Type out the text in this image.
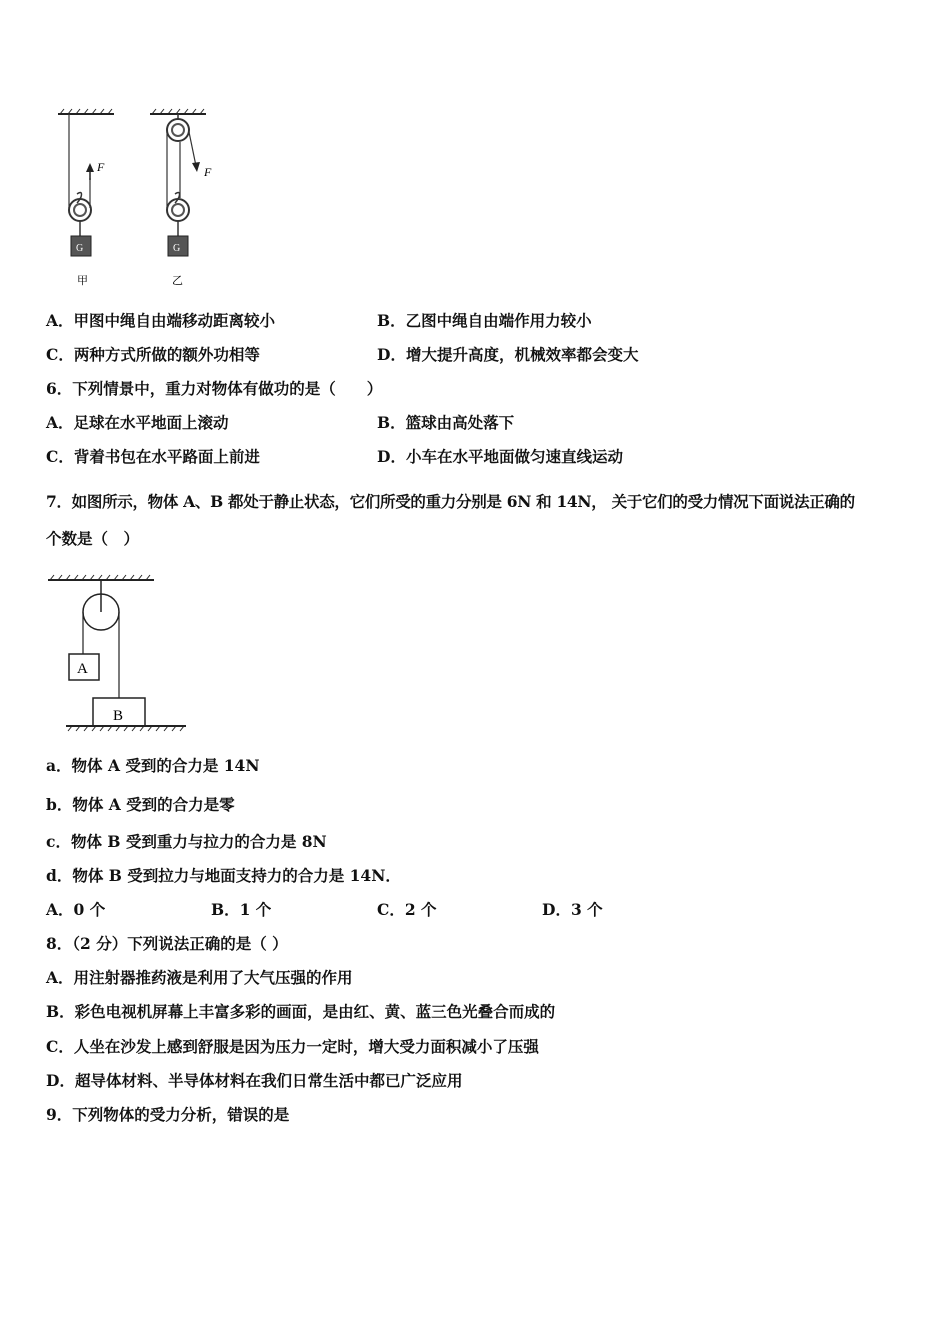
F
G
甲
F
G
乙
A．甲图中绳自由端移动距离较小	B．乙图中绳自由端作用力较小
C．两种方式所做的额外功相等	D．增大提升高度，机械效率都会变大
6．下列情景中，重力对物体有做功的是（　　）
A．足球在水平地面上滚动	B．篮球由高处落下
C．背着书包在水平路面上前进	D．小车在水平地面做匀速直线运动
7．如图所示，物体 A、B 都处于静止状态，它们所受的重力分别是 6N 和 14N， 关于它们的受力情况下面说法正确的
个数是（　）
A
B
a．物体 A 受到的合力是 14N
b．物体 A 受到的合力是零
c．物体 B 受到重力与拉力的合力是 8N
d．物体 B 受到拉力与地面支持力的合力是 14N．
A．0 个	B．1 个	C．2 个	D．3 个
8．（2 分）下列说法正确的是（ ）
A．用注射器推药液是利用了大气压强的作用
B．彩色电视机屏幕上丰富多彩的画面，是由红、黄、蓝三色光叠合而成的
C．人坐在沙发上感到舒服是因为压力一定时，增大受力面积减小了压强
D．超导体材料、半导体材料在我们日常生活中都已广泛应用
9．下列物体的受力分析，错误的是
